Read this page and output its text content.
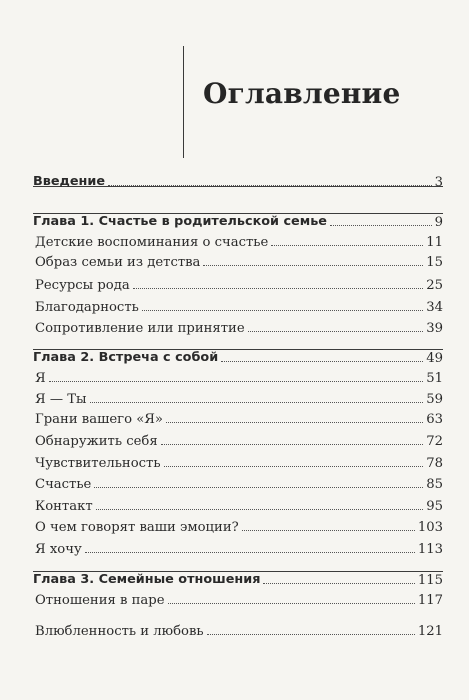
Оглавление
Введение	3
Глава 1. Счастье в родительской семье	9
Детские воспоминания о счастье	11
Образ семьи из детства	15
Ресурсы рода	25
Благодарность	34
Сопротивление или принятие	39
Глава 2. Встреча с собой	49
Я	51
Я — Ты	59
Грани вашего «Я»	63
Обнаружить себя	72
Чувствительность	78
Счастье	85
Контакт	95
О чем говорят ваши эмоции?	103
Я хочу	113
Глава 3. Семейные отношения	115
Отношения в паре	117
Влюбленность и любовь	121
